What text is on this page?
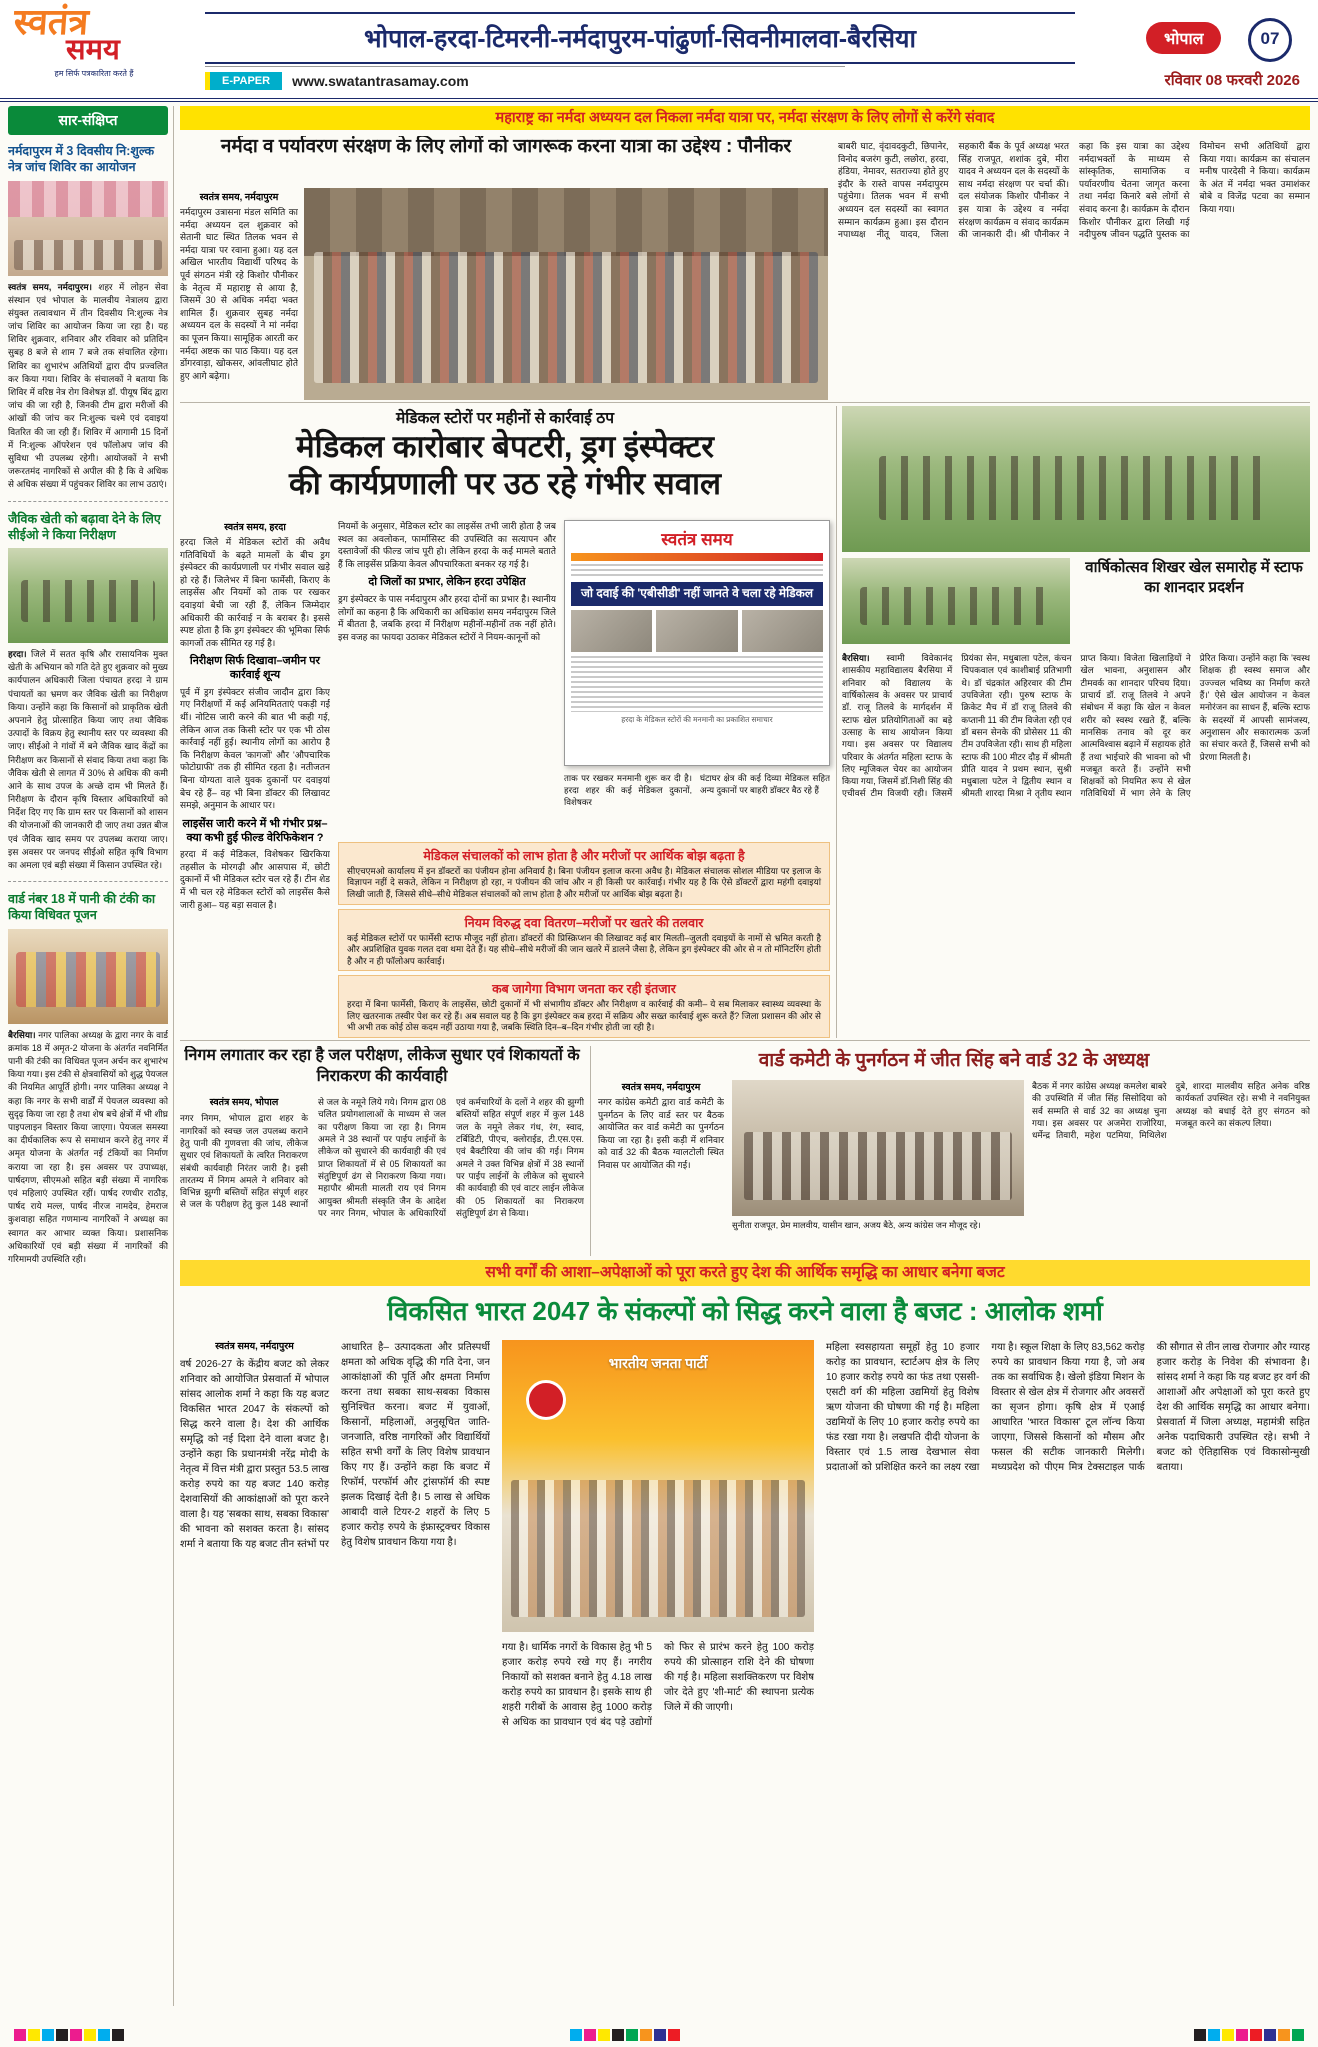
स्वतंत्र
समय
हम सिर्फ पत्रकारिता करते हैं
भोपाल-हरदा-टिमरनी-नर्मदापुरम-पांढुर्णा-सिवनीमालवा-बैरसिया	भोपाल	07
E-PAPER	www.swatantrasamay.com	रविवार 08 फरवरी 2026
सार-संक्षिप्त
नर्मदापुरम में 3 दिवसीय नि:शुल्क नेत्र जांच शिविर का आयोजन
स्वतंत्र समय, नर्मदापुरम। शहर में लोहन सेवा संस्थान एवं भोपाल के मालवीय नेत्रालय द्वारा संयुक्त तत्वावधान में तीन दिवसीय नि:शुल्क नेत्र जांच शिविर का आयोजन किया जा रहा है। यह शिविर शुक्रवार, शनिवार और रविवार को प्रतिदिन सुबह 8 बजे से शाम 7 बजे तक संचालित रहेगा। शिविर का शुभारंभ अतिथियों द्वारा दीप प्रज्वलित कर किया गया। शिविर के संचालकों ने बताया कि शिविर में वरिष्ठ नेत्र रोग विशेषज्ञ डॉ. पीयूष बिंद द्वारा जांच की जा रही है, जिनकी टीम द्वारा मरीजों की आंखों की जांच कर नि:शुल्क चश्मे एवं दवाइयां वितरित की जा रही हैं। शिविर में आगामी 15 दिनों में नि:शुल्क ऑपरेशन एवं फॉलोअप जांच की सुविधा भी उपलब्ध रहेगी। आयोजकों ने सभी जरूरतमंद नागरिकों से अपील की है कि वे अधिक से अधिक संख्या में पहुंचकर शिविर का लाभ उठाएं।
जैविक खेती को बढ़ावा देने के लिए सीईओ ने किया निरीक्षण
हरदा। जिले में सतत कृषि और रासायनिक मुक्त खेती के अभियान को गति देते हुए शुक्रवार को मुख्य कार्यपालन अधिकारी जिला पंचायत हरदा ने ग्राम पंचायतों का भ्रमण कर जैविक खेती का निरीक्षण किया। उन्होंने कहा कि किसानों को प्राकृतिक खेती अपनाने हेतु प्रोत्साहित किया जाए तथा जैविक उत्पादों के विक्रय हेतु स्थानीय स्तर पर व्यवस्था की जाए। सीईओ ने गांवों में बने जैविक खाद केंद्रों का निरीक्षण कर किसानों से संवाद किया तथा कहा कि जैविक खेती से लागत में 30% से अधिक की कमी आने के साथ उपज के अच्छे दाम भी मिलते हैं। निरीक्षण के दौरान कृषि विस्तार अधिकारियों को निर्देश दिए गए कि ग्राम स्तर पर किसानों को शासन की योजनाओं की जानकारी दी जाए तथा उन्नत बीज एवं जैविक खाद समय पर उपलब्ध कराया जाए। इस अवसर पर जनपद सीईओ सहित कृषि विभाग का अमला एवं बड़ी संख्या में किसान उपस्थित रहे।
वार्ड नंबर 18 में पानी की टंकी का किया विधिवत पूजन
बैरसिया। नगर पालिका अध्यक्ष के द्वारा नगर के वार्ड क्रमांक 18 में अमृत-2 योजना के अंतर्गत नवनिर्मित पानी की टंकी का विधिवत पूजन अर्चन कर शुभारंभ किया गया। इस टंकी से क्षेत्रवासियों को शुद्ध पेयजल की नियमित आपूर्ति होगी। नगर पालिका अध्यक्ष ने कहा कि नगर के सभी वार्डों में पेयजल व्यवस्था को सुदृढ़ किया जा रहा है तथा शेष बचे क्षेत्रों में भी शीघ्र पाइपलाइन विस्तार किया जाएगा। पेयजल समस्या का दीर्घकालिक रूप से समाधान करने हेतु नगर में अमृत योजना के अंतर्गत नई टंकियों का निर्माण कराया जा रहा है। इस अवसर पर उपाध्यक्ष, पार्षदगण, सीएमओ सहित बड़ी संख्या में नागरिक एवं महिलाएं उपस्थित रहीं। पार्षद रणधीर राठौड़, पार्षद राये मल्ल, पार्षद नीरज नामदेव, हेमराज कुशवाहा सहित गणमान्य नागरिकों ने अध्यक्ष का स्वागत कर आभार व्यक्त किया। प्रशासनिक अधिकारियों एवं बड़ी संख्या में नागरिकों की गरिमामयी उपस्थिति रही।
महाराष्ट्र का नर्मदा अध्ययन दल निकला नर्मदा यात्रा पर, नर्मदा संरक्षण के लिए लोगों से करेंगे संवाद
नर्मदा व पर्यावरण संरक्षण के लिए लोगों को जागरूक करना यात्रा का उद्देश्य : पौनीकर
स्वतंत्र समय, नर्मदापुरम
नर्मदापुरम उत्रासना मंडल समिति का नर्मदा अध्ययन दल शुक्रवार को सेतानी घाट स्थित तिलक भवन से नर्मदा यात्रा पर रवाना हुआ। यह दल अखिल भारतीय विद्यार्थी परिषद के पूर्व संगठन मंत्री रहे किशोर पौनीकर के नेतृत्व में महाराष्ट्र से आया है, जिसमें 30 से अधिक नर्मदा भक्त शामिल हैं। शुक्रवार सुबह नर्मदा अध्ययन दल के सदस्यों ने मां नर्मदा का पूजन किया। सामूहिक आरती कर नर्मदा अष्टक का पाठ किया। यह दल डोंगरवाड़ा, खोकसर, आंवलीघाट होते हुए आगे बढ़ेगा।
बाबरी घाट, वृंदावदकुटी, छिपानेर, विनोद बजरंग कुटी, लछोरा, हरदा, हंडिया, नेमावर, सतराज्या होते हुए इंदौर के रास्ते वापस नर्मदापुरम पहुंचेगा। तिलक भवन में सभी अध्ययन दल सदस्यों का स्वागत सम्मान कार्यक्रम हुआ। इस दौरान नपाध्यक्ष नीतू यादव, जिला सहकारी बैंक के पूर्व अध्यक्ष भरत सिंह राजपूत, शशांक दुबे, मीरा यादव ने अध्ययन दल के सदस्यों के साथ नर्मदा संरक्षण पर चर्चा की। दल संयोजक किशोर पौनीकर ने इस यात्रा के उद्देश्य व नर्मदा संरक्षण कार्यक्रम व संवाद कार्यक्रम की जानकारी दी। श्री पौनीकर ने कहा कि इस यात्रा का उद्देश्य नर्मदाभक्तों के माध्यम से सांस्कृतिक, सामाजिक व पर्यावरणीय चेतना जागृत करना तथा नर्मदा किनारे बसे लोगों से संवाद करना है। कार्यक्रम के दौरान किशोर पौनीकर द्वारा लिखी गई नदीपुरुष जीवन पद्धति पुस्तक का विमोचन सभी अतिथियों द्वारा किया गया। कार्यक्रम का संचालन मनीष पारदेसी ने किया। कार्यक्रम के अंत में नर्मदा भक्त उमाशंकर बोबे व विजेंद्र पटवा का सम्मान किया गया।
मेडिकल स्टोरों पर महीनों से कार्रवाई ठप
मेडिकल कारोबार बेपटरी, ड्रग इंस्पेक्टर
की कार्यप्रणाली पर उठ रहे गंभीर सवाल
स्वतंत्र समय, हरदा
हरदा जिले में मेडिकल स्टोरों की अवैध गतिविधियों के बढ़ते मामलों के बीच ड्रग इंस्पेक्टर की कार्यप्रणाली पर गंभीर सवाल खड़े हो रहे हैं। जिलेभर में बिना फार्मेसी, किराए के लाइसेंस और नियमों को ताक पर रखकर दवाइयां बेची जा रही हैं, लेकिन जिम्मेदार अधिकारी की कार्रवाई न के बराबर है। इससे स्पष्ट होता है कि ड्रग इंस्पेक्टर की भूमिका सिर्फ कागजों तक सीमित रह गई है।
निरीक्षण सिर्फ दिखावा–जमीन पर कार्रवाई शून्य
पूर्व में ड्रग इंस्पेक्टर संजीव जादौन द्वारा किए गए निरीक्षणों में कई अनियमितताएं पकड़ी गई थीं। नोटिस जारी करने की बात भी कही गई, लेकिन आज तक किसी स्टोर पर एक भी ठोस कार्रवाई नहीं हुई। स्थानीय लोगों का आरोप है कि निरीक्षण केवल 'कागजों' और 'औपचारिक फोटोग्राफी' तक ही सीमित रहता है। नतीजतन बिना योग्यता वाले युवक दुकानों पर दवाइयां बेच रहे हैं– वह भी बिना डॉक्टर की लिखावट समझे, अनुमान के आधार पर।
लाइसेंस जारी करने में भी गंभीर प्रश्न– क्या कभी हुई फील्ड वेरिफिकेशन ?
हरदा में कई मेडिकल, विशेषकर खिरकिया तहसील के मोरगढ़ी और आसपास में, छोटी दुकानों में भी मेडिकल स्टोर चल रहे हैं। टीन शेड में भी चल रहे मेडिकल स्टोरों को लाइसेंस कैसे जारी हुआ– यह बड़ा सवाल है।
नियमों के अनुसार, मेडिकल स्टोर का लाइसेंस तभी जारी होता है जब स्थल का अवलोकन, फार्मासिस्ट की उपस्थिति का सत्यापन और दस्तावेजों की फील्ड जांच पूरी हो। लेकिन हरदा के कई मामले बताते हैं कि लाइसेंस प्रक्रिया केवल औपचारिकता बनकर रह गई है।
दो जिलों का प्रभार, लेकिन हरदा उपेक्षित
ड्रग इंस्पेक्टर के पास नर्मदापुरम और हरदा दोनों का प्रभार है। स्थानीय लोगों का कहना है कि अधिकारी का अधिकांश समय नर्मदापुरम जिले में बीतता है, जबकि हरदा में निरीक्षण महीनों-महीनों तक नहीं होते। इस वजह का फायदा उठाकर मेडिकल स्टोरों ने नियम-कानूनों को
स्वतंत्र समय
जो दवाई की 'एबीसीडी' नहीं जानते वे चला रहे मेडिकल
हरदा के मेडिकल स्टोरों की मनमानी का प्रकाशित समाचार
ताक पर रखकर मनमानी शुरू कर दी है। हरदा शहर की कई मेडिकल दुकानों, विशेषकर
घंटाघर क्षेत्र की कई दिव्या मेडिकल सहित अन्य दुकानों पर बाहरी डॉक्टर बैठ रहे हैं
मेडिकल संचालकों को लाभ होता है और मरीजों पर आर्थिक बोझ बढ़ता है
सीएचएमओ कार्यालय में इन डॉक्टरों का पंजीयन होना अनिवार्य है। बिना पंजीयन इलाज करना अवैध है। मेडिकल संचालक सोशल मीडिया पर इलाज के विज्ञापन नहीं दे सकते, लेकिन न निरीक्षण हो रहा, न पंजीयन की जांच और न ही किसी पर कार्रवाई। गंभीर यह है कि ऐसे डॉक्टरों द्वारा महंगी दवाइयां लिखी जाती हैं, जिससे सीधे–सीधे मेडिकल संचालकों को लाभ होता है और मरीजों पर आर्थिक बोझ बढ़ता है।
नियम विरुद्ध दवा वितरण–मरीजों पर खतरे की तलवार
कई मेडिकल स्टोरों पर फार्मेसी स्टाफ मौजूद नहीं होता। डॉक्टरों की प्रिस्क्रिप्शन की लिखावट कई बार मिलती–जुलती दवाइयों के नामों से भ्रमित करती है और अप्रशिक्षित युवक गलत दवा थमा देते हैं। यह सीधे–सीधे मरीजों की जान खतरे में डालने जैसा है, लेकिन ड्रग इंस्पेक्टर की ओर से न तो मॉनिटरिंग होती है और न ही फॉलोअप कार्रवाई।
कब जागेगा विभाग जनता कर रही इंतजार
हरदा में बिना फार्मेसी, किराए के लाइसेंस, छोटी दुकानों में भी संभागीय डॉक्टर और निरीक्षण व कार्रवाई की कमी– ये सब मिलाकर स्वास्थ्य व्यवस्था के लिए खतरनाक तस्वीर पेश कर रहे हैं। अब सवाल यह है कि ड्रग इंस्पेक्टर कब हरदा में सक्रिय और सख्त कार्रवाई शुरू करते हैं? जिला प्रशासन की ओर से भी अभी तक कोई ठोस कदम नहीं उठाया गया है, जबकि स्थिति दिन–ब–दिन गंभीर होती जा रही है।
वार्षिकोत्सव शिखर खेल समारोह में स्टाफ का शानदार प्रदर्शन
बैरसिया। स्वामी विवेकानंद शासकीय महाविद्यालय बैरसिया में शनिवार को विद्यालय के वार्षिकोत्सव के अवसर पर प्राचार्य डॉ. राजू तिलवे के मार्गदर्शन में स्टाफ खेल प्रतियोगिताओं का बड़े उत्साह के साथ आयोजन किया गया। इस अवसर पर विद्यालय परिवार के अंतर्गत महिला स्टाफ के लिए म्यूजिकल चेयर का आयोजन किया गया, जिसमें डॉ.निशी सिंह की एचीवर्स टीम विजयी रही। जिसमें प्रियंका सेन, मधुबाला पटेल, कंचन चिपकवाल एवं काशीबाई प्रतिभागी थे। डॉ चंद्रकांत अहिरवार की टीम उपविजेता रही। पुरुष स्टाफ के क्रिकेट मैच में डॉ राजू तिलवे की कप्तानी 11 की टीम विजेता रही एवं डॉ बसन सेनके की प्रोसेसर 11 की टीम उपविजेता रही। साथ ही महिला स्टाफ की 100 मीटर दौड़ में श्रीमती प्रीति यादव ने प्रथम स्थान, सुश्री मधुबाला पटेल ने द्वितीय स्थान व श्रीमती शारदा मिश्रा ने तृतीय स्थान प्राप्त किया। विजेता खिलाड़ियों ने खेल भावना, अनुशासन और टीमवर्क का शानदार परिचय दिया। प्राचार्य डॉ. राजू तिलवे ने अपने संबोधन में कहा कि खेल न केवल शरीर को स्वस्थ रखते हैं, बल्कि मानसिक तनाव को दूर कर आत्मविश्वास बढ़ाने में सहायक होते हैं तथा भाईचारे की भावना को भी मजबूत करते हैं। उन्होंने सभी शिक्षकों को नियमित रूप से खेल गतिविधियों में भाग लेने के लिए प्रेरित किया। उन्होंने कहा कि 'स्वस्थ शिक्षक ही स्वस्थ समाज और उज्ज्वल भविष्य का निर्माण करते हैं।' ऐसे खेल आयोजन न केवल मनोरंजन का साधन हैं, बल्कि स्टाफ के सदस्यों में आपसी सामंजस्य, अनुशासन और सकारात्मक ऊर्जा का संचार करते हैं, जिससे सभी को प्रेरणा मिलती है।
निगम लगातार कर रहा है जल परीक्षण, लीकेज सुधार एवं शिकायतों के निराकरण की कार्यवाही
स्वतंत्र समय, भोपाल
नगर निगम, भोपाल द्वारा शहर के नागरिकों को स्वच्छ जल उपलब्ध कराने हेतु पानी की गुणवत्ता की जांच, लीकेज सुधार एवं शिकायतों के त्वरित निराकरण संबंधी कार्यवाही निरंतर जारी है। इसी तारतम्य में निगम अमले ने शनिवार को विभिन्न झुग्गी बस्तियों सहित संपूर्ण शहर से जल के परीक्षण हेतु कुल 148 स्थानों से जल के नमूने लिये गये। निगम द्वारा 08 चलित प्रयोगशालाओं के माध्यम से जल का परीक्षण किया जा रहा है। निगम अमले ने 38 स्थानों पर पाईप लाईनों के लीकेज को सुधारने की कार्यवाही की एवं प्राप्त शिकायतों में से 05 शिकायतों का संतुष्टिपूर्ण ढंग से निराकरण किया गया। महापौर श्रीमती मालती राय एवं निगम आयुक्त श्रीमती संस्कृति जैन के आदेश पर नगर निगम, भोपाल के अधिकारियों एवं कर्मचारियों के दलों ने शहर की झुग्गी बस्तियों सहित संपूर्ण शहर में कुल 148 जल के नमूने लेकर गंध, रंग, स्वाद, टर्बिडिटी, पीएच, क्लोराईड, टी.एस.एस. एवं बैक्टीरिया की जांच की गई। निगम अमले ने उक्त विभिन्न क्षेत्रों में 38 स्थानों पर पाईप लाईनों के लीकेज को सुधारने की कार्यवाही की एवं वाटर लाईन लीकेज की 05 शिकायतों का निराकरण संतुष्टिपूर्ण ढंग से किया।
वार्ड कमेटी के पुनर्गठन में जीत सिंह बने वार्ड 32 के अध्यक्ष
स्वतंत्र समय, नर्मदापुरम
नगर कांग्रेस कमेटी द्वारा वार्ड कमेटी के पुनर्गठन के लिए वार्ड स्तर पर बैठक आयोजित कर वार्ड कमेटी का पुनर्गठन किया जा रहा है। इसी कड़ी में शनिवार को वार्ड 32 की बैठक ग्वालटोली स्थित निवास पर आयोजित की गई।
सुनीता राजपूत, प्रेम मालवीय, यासीन खान, अजय बैठे, अन्य कांग्रेस जन मौजूद रहे।
बैठक में नगर कांग्रेस अध्यक्ष कमलेश बाबरे की उपस्थिति में जीत सिंह सिसोदिया को सर्व सम्मति से वार्ड 32 का अध्यक्ष चुना गया। इस अवसर पर अजमेरा राजोरिया, धर्मेन्द्र तिवारी, महेश पटमिया, मिथिलेश दुबे, शारदा मालवीय सहित अनेक वरिष्ठ कार्यकर्ता उपस्थित रहे। सभी ने नवनियुक्त अध्यक्ष को बधाई देते हुए संगठन को मजबूत करने का संकल्प लिया।
सभी वर्गों की आशा–अपेक्षाओं को पूरा करते हुए देश की आर्थिक समृद्धि का आधार बनेगा बजट
विकसित भारत 2047 के संकल्पों को सिद्ध करने वाला है बजट : आलोक शर्मा
स्वतंत्र समय, नर्मदापुरम
वर्ष 2026-27 के केंद्रीय बजट को लेकर शनिवार को आयोजित प्रेसवार्ता में भोपाल सांसद आलोक शर्मा ने कहा कि यह बजट विकसित भारत 2047 के संकल्पों को सिद्ध करने वाला है। देश की आर्थिक समृद्धि को नई दिशा देने वाला बजट है। उन्होंने कहा कि प्रधानमंत्री नरेंद्र मोदी के नेतृत्व में वित्त मंत्री द्वारा प्रस्तुत 53.5 लाख करोड़ रुपये का यह बजट 140 करोड़ देशवासियों की आकांक्षाओं को पूरा करने वाला है। यह 'सबका साथ, सबका विकास' की भावना को सशक्त करता है। सांसद शर्मा ने बताया कि यह बजट तीन स्तंभों पर आधारित है– उत्पादकता और प्रतिस्पर्धी क्षमता को अधिक वृद्धि की गति देना, जन आकांक्षाओं की पूर्ति और क्षमता निर्माण करना तथा सबका साथ-सबका विकास सुनिश्चित करना। बजट में युवाओं, किसानों, महिलाओं, अनुसूचित जाति-जनजाति, वरिष्ठ नागरिकों और विद्यार्थियों सहित सभी वर्गों के लिए विशेष प्रावधान किए गए हैं। उन्होंने कहा कि बजट में रिफॉर्म, परफॉर्म और ट्रांसफॉर्म की स्पष्ट झलक दिखाई देती है। 5 लाख से अधिक आबादी वाले टियर-2 शहरों के लिए 5 हजार करोड़ रुपये के इंफ्रास्ट्रक्चर विकास हेतु विशेष प्रावधान किया गया है।
भारतीय जनता पार्टी
गया है। धार्मिक नगरों के विकास हेतु भी 5 हजार करोड़ रुपये रखे गए हैं। नगरीय निकायों को सशक्त बनाने हेतु 4.18 लाख करोड़ रुपये का प्रावधान है। इसके साथ ही शहरी गरीबों के आवास हेतु 1000 करोड़ से अधिक का प्रावधान एवं बंद पड़े उद्योगों को फिर से प्रारंभ करने हेतु 100 करोड़ रुपये की प्रोत्साहन राशि देने की घोषणा की गई है। महिला सशक्तिकरण पर विशेष जोर देते हुए 'शी-मार्ट' की स्थापना प्रत्येक जिले में की जाएगी।
महिला स्वसहायता समूहों हेतु 10 हजार करोड़ का प्रावधान, स्टार्टअप क्षेत्र के लिए 10 हजार करोड़ रुपये का फंड तथा एससी-एसटी वर्ग की महिला उद्यमियों हेतु विशेष ऋण योजना की घोषणा की गई है। महिला उद्यमियों के लिए 10 हजार करोड़ रुपये का फंड रखा गया है। लखपति दीदी योजना के विस्तार एवं 1.5 लाख देखभाल सेवा प्रदाताओं को प्रशिक्षित करने का लक्ष्य रखा गया है। स्कूल शिक्षा के लिए 83,562 करोड़ रुपये का प्रावधान किया गया है, जो अब तक का सर्वाधिक है। खेलो इंडिया मिशन के विस्तार से खेल क्षेत्र में रोजगार और अवसरों का सृजन होगा। कृषि क्षेत्र में एआई आधारित 'भारत विकास' टूल लॉन्च किया जाएगा, जिससे किसानों को मौसम और फसल की सटीक जानकारी मिलेगी। मध्यप्रदेश को पीएम मित्र टेक्सटाइल पार्क की सौगात से तीन लाख रोजगार और ग्यारह हजार करोड़ के निवेश की संभावना है। सांसद शर्मा ने कहा कि यह बजट हर वर्ग की आशाओं और अपेक्षाओं को पूरा करते हुए देश की आर्थिक समृद्धि का आधार बनेगा। प्रेसवार्ता में जिला अध्यक्ष, महामंत्री सहित अनेक पदाधिकारी उपस्थित रहे। सभी ने बजट को ऐतिहासिक एवं विकासोन्मुखी बताया।
